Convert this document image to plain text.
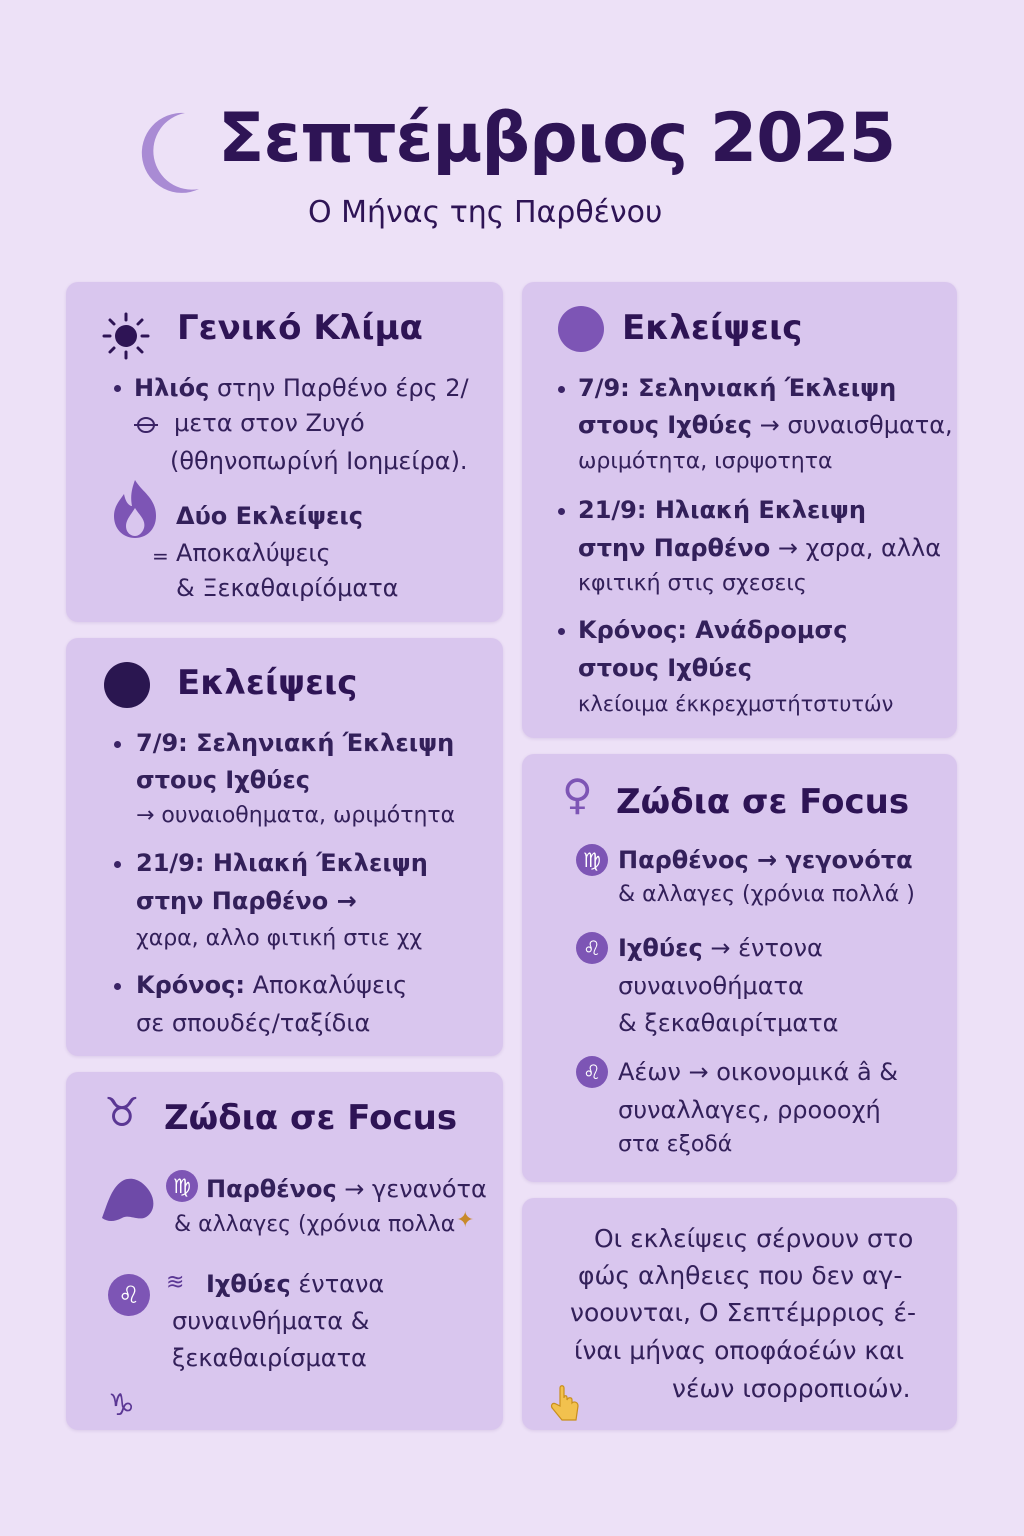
Σεπτέμβριος 2025
Ο Μήνας της Παρθένου
Γενικό Κλίμα
Ηλιός στην Παρθένο έρς 2/
μετα στον Ζυγό
(θθηνοπωρίνή Ιοημείρα).
Δύο Εκλείψεις
= Αποκαλύψεις
& Ξεκαθαιρίόματα
Εκλείψεις
7/9: Σεληνιακή Έκλειψη
στους Ιχθύες
→ ουναιοθηματα, ωριμότητα
21/9: Ηλιακή Έκλειψη
στην Παρθένο →
χαρα, αλλο φιτική στιε χχ
Κρόνος: Αποκαλύψεις
σε σπουδές/ταξίδια
♉ Ζώδια σε Focus
♍ Παρθένος → γενανότα
& αλλαγες (χρόνια πολλα ✦
♌	≋ Ιχθύες έντανα
συναινθήματα &
ξεκαθαιρίσματα
♑
Εκλείψεις
7/9: Σεληνιακή Έκλειψη
στους Ιχθύες → συναισθματα,
ωριμότητα, ισρψοτητα
21/9: Ηλιακή Εκλειψη
στην Παρθένο → χσρα, αλλα
κφιτική στις σχεσεις
Κρόνος: Ανάδρομσς
στους Ιχθύες
κλείοιμα έκκρεχμστήτστυτών
♀ Ζώδια σε Focus
♍ Παρθένος → γεγονότα
& αλλαγες (χρόνια πολλά )
♌ Ιχθύες → έντονα
συναινοθήματα
& ξεκαθαιρίτματα
♌ Αέων → οικονομικά â &
συναλλαγες, ρροοοχή
στα εξοδά
Οι εκλείψεις σέρνουν στο
φώς αληθειες που δεν αγ-
νοουνται, Ο Σεπτέμρριος έ-
ίναι μήνας οποφάοέών και
νέων ισορροπιοών.
